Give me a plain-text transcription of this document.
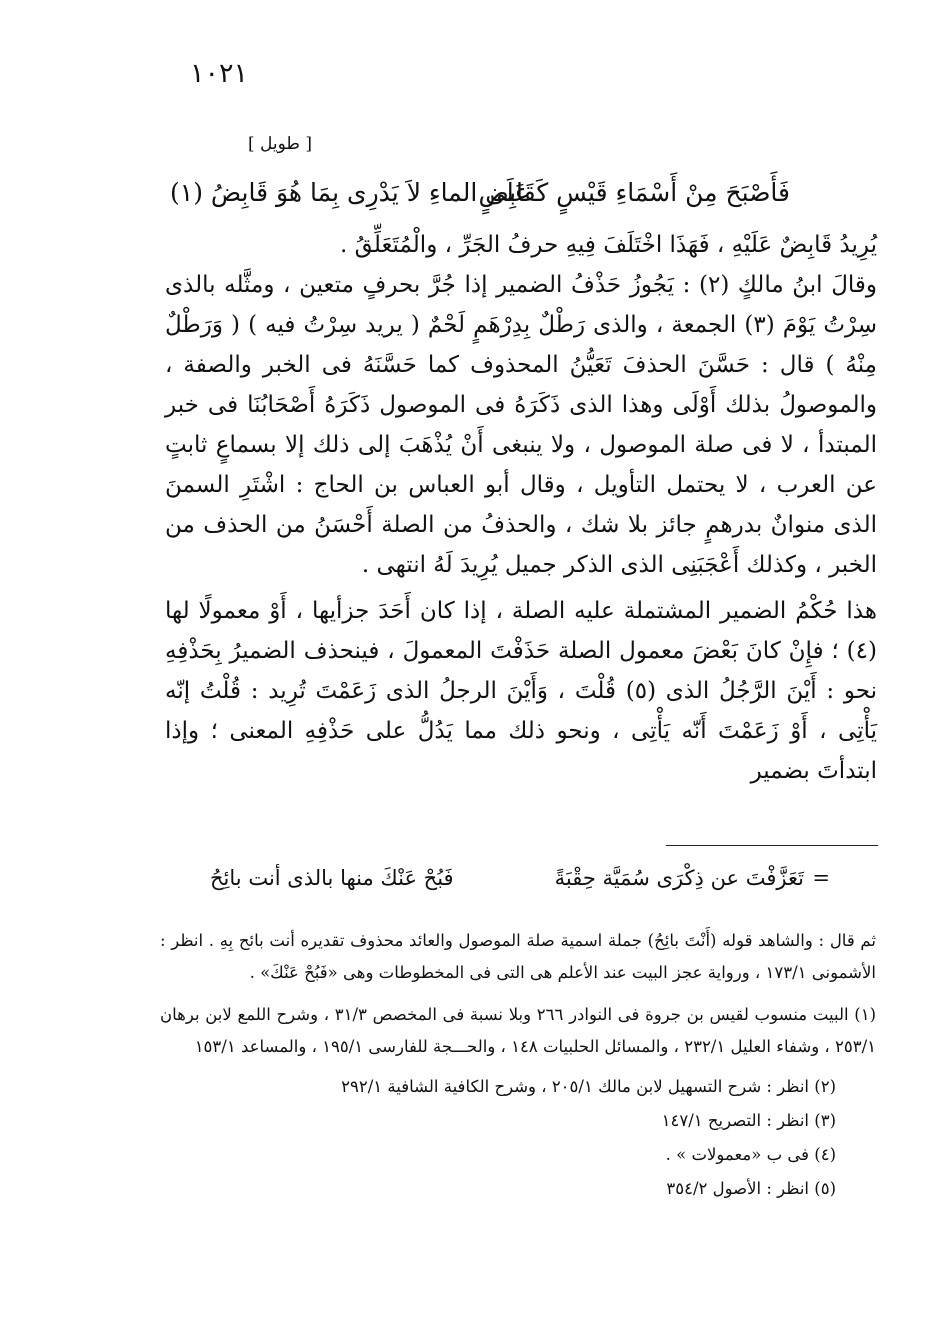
١٠٢١
[ طويل ]
فَأَصْبَحَ مِنْ أَسْمَاءِ قَيْسٍ كَقَابِضٍ
عَلَى الماءِ لاَ يَدْرِى بِمَا هُوَ قَابِضُ (١)

يُرِيدُ قَابِضٌ عَلَيْهِ ، فَهَذَا اخْتَلَفَ فِيهِ حرفُ الجَرِّ ، والْمُتَعَلِّقُ .

وقالَ ابنُ مالكٍ (٢) : يَجُوزُ حَذْفُ الضمير إذا جُرَّ بحرفٍ متعين ، ومثَّله بالذى سِرْتُ يَوْمَ (٣) الجمعة ، والذى رَطْلٌ بِدِرْهَمٍ لَحْمٌ ( يريد سِرْتُ فيه ) ( وَرَطْلٌ مِنْهُ ) قال : حَسَّنَ الحذفَ تَعَيُّنُ المحذوف كما حَسَّنَهُ فى الخبر والصفة ، والموصولُ بذلك أَوْلَى وهذا الذى ذَكَرَهُ فى الموصول ذَكَرَهُ أَصْحَابُنَا فى خبر المبتدأ ، لا فى صلة الموصول ، ولا ينبغى أَنْ يُذْهَبَ إلى ذلك إلا بسماعٍ ثابتٍ عن العرب ، لا يحتمل التأويل ، وقال أبو العباس بن الحاج : اشْتَرِ السمنَ الذى منوانٌ بدرهمٍ جائز بلا شك ، والحذفُ من الصلة أَحْسَنُ من الحذف من الخبر ، وكذلك أَعْجَبَنِى الذى الذكر جميل يُرِيدَ لَهُ انتهى .

هذا حُكْمُ الضمير المشتملة عليه الصلة ، إذا كان أَحَدَ جزأيها ، أَوْ معمولًا لها (٤) ؛ فإِنْ كانَ بَعْضَ معمول الصلة حَذَفْتَ المعمولَ ، فينحذف الضميرُ بِحَذْفِهِ نحو : أَيْنَ الرَّجُلُ الذى (٥) قُلْتَ ، وَأَيْنَ الرجلُ الذى زَعَمْتَ تُرِيد : قُلْتُ إنّه يَأْتِى ، أَوْ زَعَمْتَ أَنّه يَأْتِى ، ونحو ذلك مما يَدُلُّ على حَذْفِهِ المعنى ؛ وإذا ابتدأتَ بضمير

=
تَعَزَّفْتَ عن ذِكْرَى سُمَيَّة حِقْبَةً
فَبُحْ عَنْكَ منها بالذى أنت بائِحُ

ثم قال : والشاهد قوله (أَنْتَ بائِحُ) جملة اسمية صلة الموصول والعائد محذوف تقديره أنت بائح بِهِ . انظر : الأشمونى ١٧٣/١ ، ورواية عجز البيت عند الأعلم هى التى فى المخطوطات وهى «فَبُحْ عَنْكَ» .

(١) البيت منسوب لقيس بن جروة فى النوادر ٢٦٦ وبلا نسبة فى المخصص ٣١/٣ ، وشرح اللمع لابن برهان ٢٥٣/١ ، وشفاء العليل ٢٣٢/١ ، والمسائل الحلبيات ١٤٨ ، والحـــجة للفارسى ١٩٥/١ ، والمساعد ١٥٣/١

(٢) انظر : شرح التسهيل لابن مالك ٢٠٥/١ ، وشرح الكافية الشافية ٢٩٢/١

(٣) انظر : التصريح ١٤٧/١

(٤) فى ب «معمولات » .

(٥) انظر : الأصول ٣٥٤/٢
